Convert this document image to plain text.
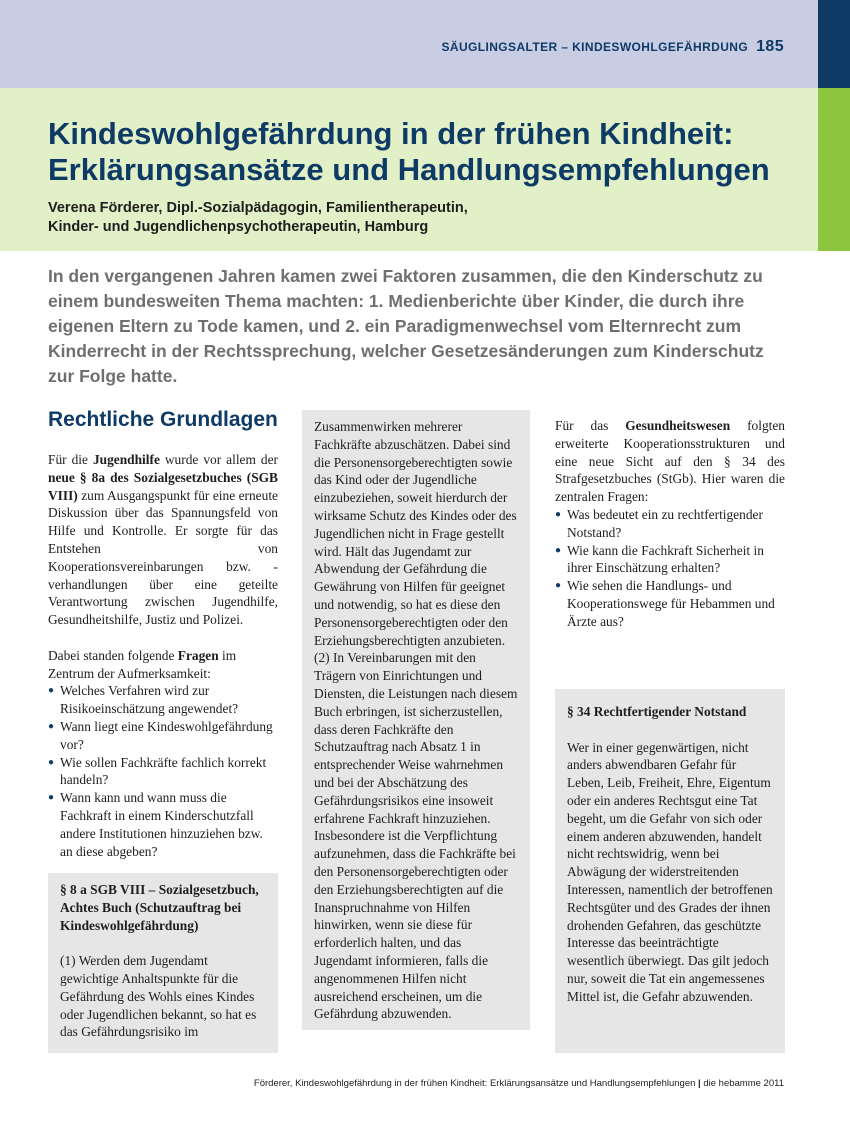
SÄUGLINGSALTER – KINDESWOHLGEFÄHRDUNG 185
Kindeswohlgefährdung in der frühen Kindheit:
Erklärungsansätze und Handlungsempfehlungen
Verena Förderer, Dipl.-Sozialpädagogin, Familientherapeutin,
Kinder- und Jugendlichenpsychotherapeutin, Hamburg
In den vergangenen Jahren kamen zwei Faktoren zusammen, die den Kinderschutz zu einem bundesweiten Thema machten: 1. Medienberichte über Kinder, die durch ihre eigenen Eltern zu Tode kamen, und 2. ein Paradigmenwechsel vom Elternrecht zum Kinderrecht in der Rechtssprechung, welcher Gesetzesänderungen zum Kinderschutz zur Folge hatte.
Rechtliche Grundlagen

Für die Jugendhilfe wurde vor allem der neue § 8a des Sozialgesetzbuches (SGB VIII) zum Ausgangspunkt für eine erneute Diskussion über das Spannungsfeld von Hilfe und Kontrolle. Er sorgte für das Entstehen von Kooperationsvereinbarungen bzw. -verhandlungen über eine geteilte Verantwortung zwischen Jugendhilfe, Gesundheitshilfe, Justiz und Polizei.

Dabei standen folgende Fragen im Zentrum der Aufmerksamkeit:

● Welches Verfahren wird zur Risikoeinschätzung angewendet?
● Wann liegt eine Kindeswohlgefährdung vor?
● Wie sollen Fachkräfte fachlich korrekt handeln?
● Wann kann und wann muss die Fachkraft in einem Kinderschutzfall andere Institutionen hinzuziehen bzw. an diese abgeben?
§ 8 a SGB VIII – Sozialgesetzbuch, Achtes Buch (Schutzauftrag bei Kindeswohlgefährdung)

(1) Werden dem Jugendamt gewichtige Anhaltspunkte für die Gefährdung des Wohls eines Kindes oder Jugendlichen bekannt, so hat es das Gefährdungsrisiko im

Zusammenwirken mehrerer Fachkräfte abzuschätzen. Dabei sind die Personensorgeberechtigten sowie das Kind oder der Jugendliche einzubeziehen, soweit hierdurch der wirksame Schutz des Kindes oder des Jugendlichen nicht in Frage gestellt wird. Hält das Jugendamt zur Abwendung der Gefährdung die Gewährung von Hilfen für geeignet und notwendig, so hat es diese den Personensorgeberechtigten oder den Erziehungsberechtigten anzubieten.

(2) In Vereinbarungen mit den Trägern von Einrichtungen und Diensten, die Leistungen nach diesem Buch erbringen, ist sicherzustellen, dass deren Fachkräfte den Schutzauftrag nach Absatz 1 in entsprechender Weise wahrnehmen und bei der Abschätzung des Gefährdungsrisikos eine insoweit erfahrene Fachkraft hinzuziehen. Insbesondere ist die Verpflichtung aufzunehmen, dass die Fachkräfte bei den Personensorgeberechtigten oder den Erziehungsberechtigten auf die Inanspruchnahme von Hilfen hinwirken, wenn sie diese für erforderlich halten, und das Jugendamt informieren, falls die angenommenen Hilfen nicht ausreichend erscheinen, um die Gefährdung abzuwenden.

Für das Gesundheitswesen folgten erweiterte Kooperationsstrukturen und eine neue Sicht auf den § 34 des Strafgesetzbuches (StGb). Hier waren die zentralen Fragen:

● Was bedeutet ein zu rechtfertigender Notstand?
● Wie kann die Fachkraft Sicherheit in ihrer Einschätzung erhalten?
● Wie sehen die Handlungs- und Kooperationswege für Hebammen und Ärzte aus?
§ 34 Rechtfertigender Notstand

Wer in einer gegenwärtigen, nicht anders abwendbaren Gefahr für Leben, Leib, Freiheit, Ehre, Eigentum oder ein anderes Rechtsgut eine Tat begeht, um die Gefahr von sich oder einem anderen abzuwenden, handelt nicht rechtswidrig, wenn bei Abwägung der widerstreitenden Interessen, namentlich der betroffenen Rechtsgüter und des Grades der ihnen drohenden Gefahren, das geschützte Interesse das beeinträchtigte wesentlich überwiegt. Das gilt jedoch nur, soweit die Tat ein angemessenes Mittel ist, die Gefahr abzuwenden.

Förderer, Kindeswohlgefährdung in der frühen Kindheit: Erklärungsansätze und Handlungsempfehlungen | die hebamme 2011
